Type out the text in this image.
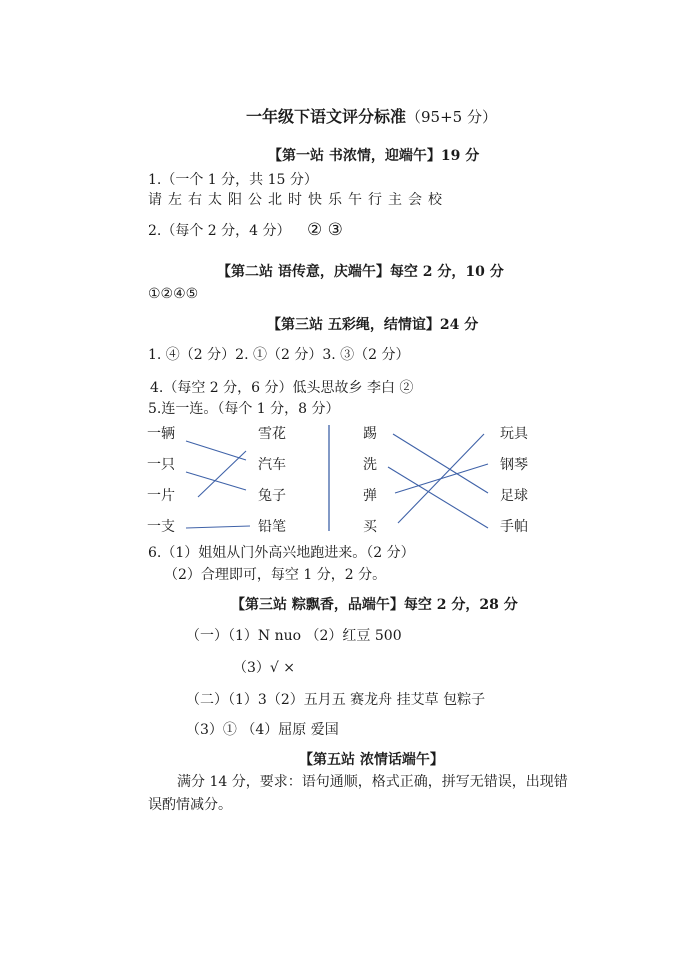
一年级下语文评分标准（95+5 分）
【第一站 书浓情，迎端午】19 分
1.（一个 1 分，共 15 分）
请左右太阳公北时快乐午行主会校
2.（每个 2 分，4 分） ② ③
【第二站 语传意，庆端午】每空 2 分，10 分
①②④⑤
【第三站 五彩绳，结情谊】24 分
1. ④（2 分）2. ①（2 分）3. ③（2 分）
4.（每空 2 分，6 分）低头思故乡 李白 ②
5.连一连。（每个 1 分，8 分）
一辆
一只
一片
一支
雪花
汽车
兔子
铅笔
踢
洗
弹
买
玩具
钢琴
足球
手帕
6.（1）姐姐从门外高兴地跑进来。（2 分）
（2）合理即可，每空 1 分，2 分。
【第三站 粽飘香，品端午】每空 2 分，28 分
（一）（1）N nuo （2）红豆 500
（3）√ ×
（二）（1）3（2）五月五 赛龙舟 挂艾草 包粽子
（3）① （4）屈原 爱国
【第五站 浓情话端午】
满分 14 分，要求：语句通顺，格式正确，拼写无错误，出现错
误酌情减分。
